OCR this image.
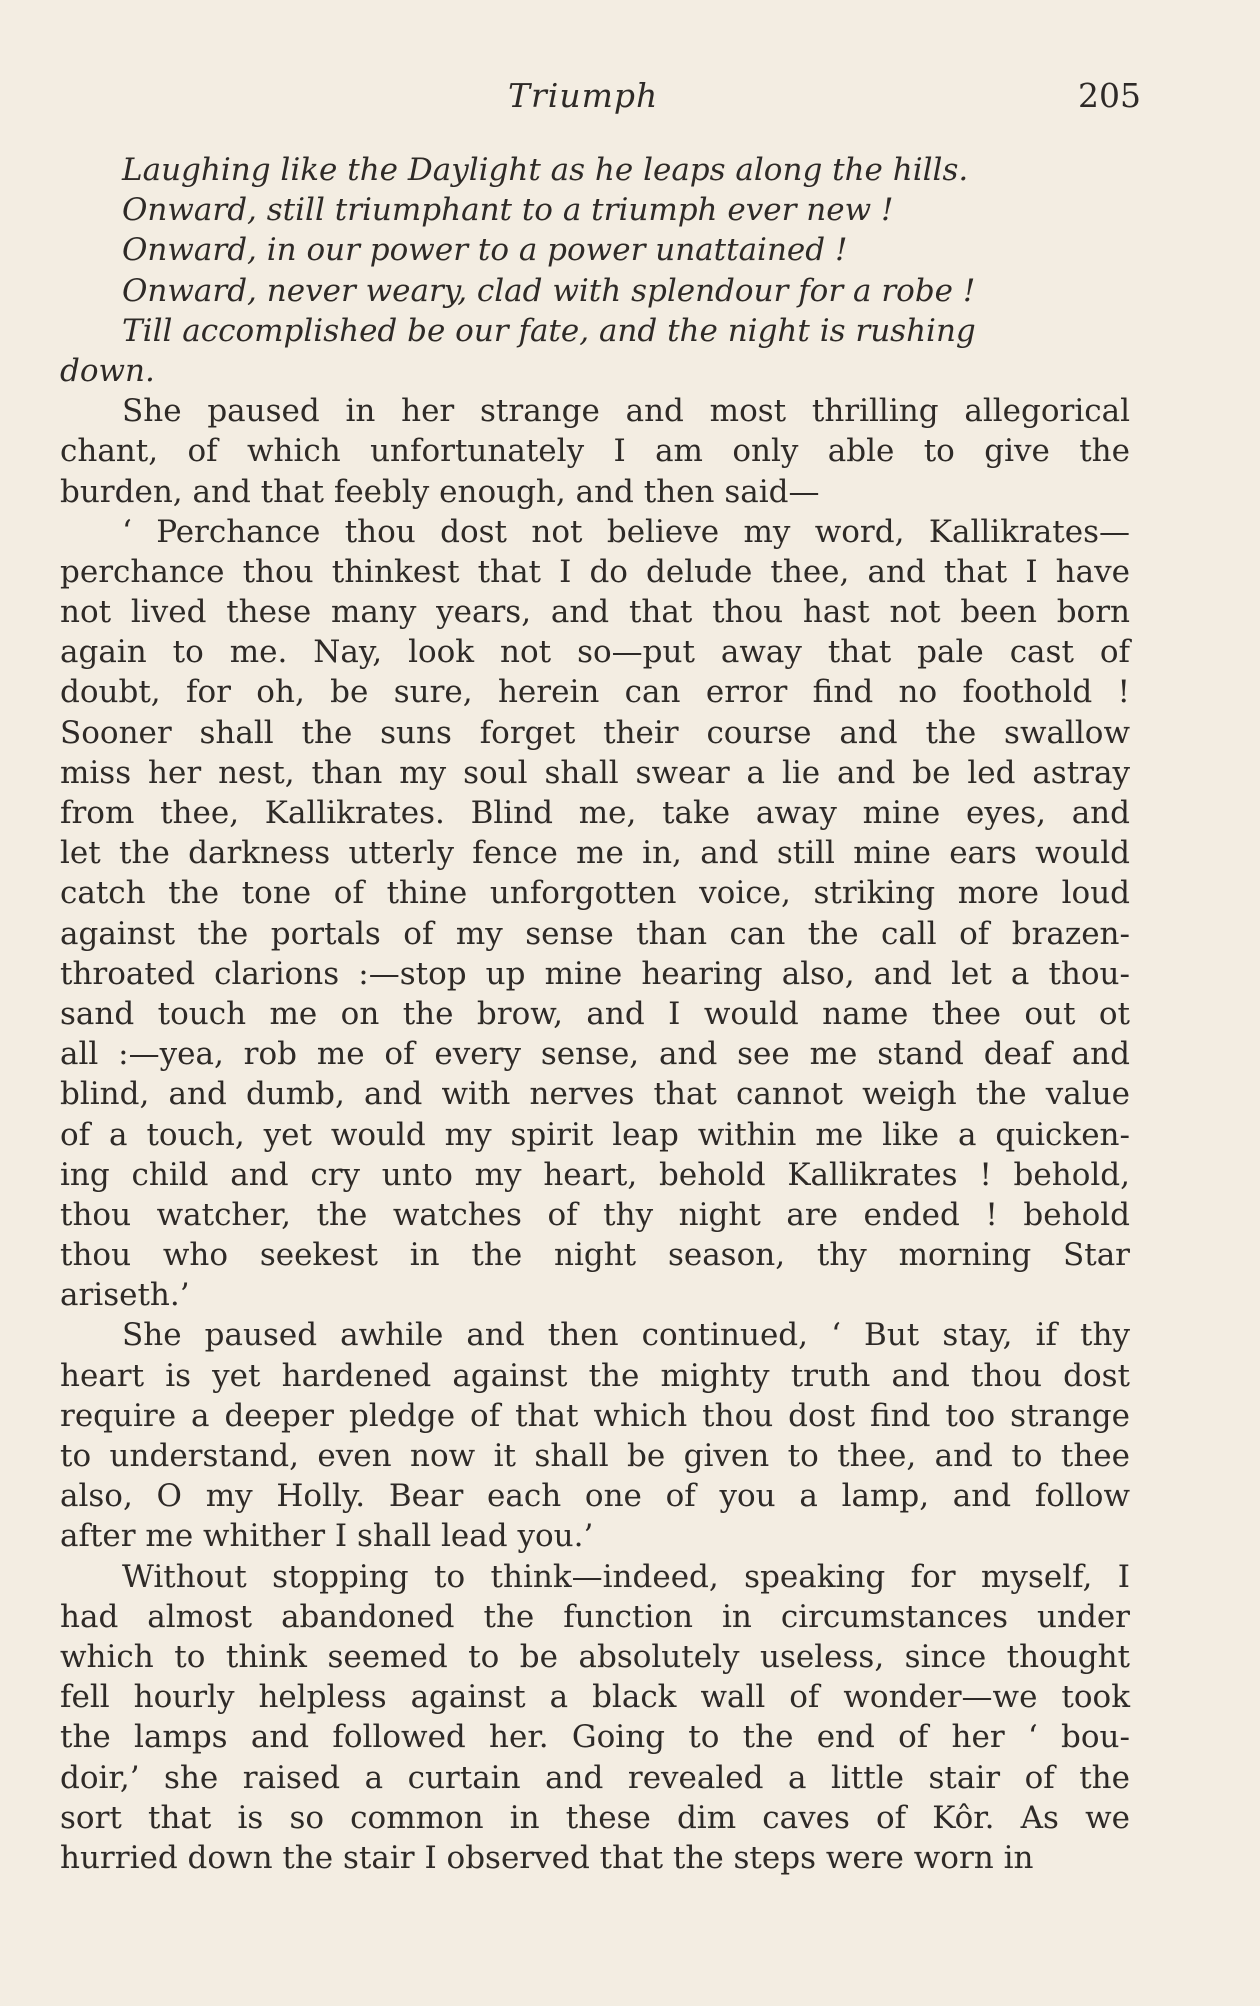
Triumph	205
Laughing like the Daylight as he leaps along the hills.
Onward, still triumphant to a triumph ever new !
Onward, in our power to a power unattained !
Onward, never weary, clad with splendour for a robe !
Till accomplished be our fate, and the night is rushing
down.
She paused in her strange and most thrilling allegorical
chant, of which unfortunately I am only able to give the
burden, and that feebly enough, and then said—
‘ Perchance thou dost not believe my word, Kallikrates—
perchance thou thinkest that I do delude thee, and that I have
not lived these many years, and that thou hast not been born
again to me. Nay, look not so—put away that pale cast of
doubt, for oh, be sure, herein can error find no foothold !
Sooner shall the suns forget their course and the swallow
miss her nest, than my soul shall swear a lie and be led astray
from thee, Kallikrates. Blind me, take away mine eyes, and
let the darkness utterly fence me in, and still mine ears would
catch the tone of thine unforgotten voice, striking more loud
against the portals of my sense than can the call of brazen-
throated clarions :—stop up mine hearing also, and let a thou-
sand touch me on the brow, and I would name thee out ot
all :—yea, rob me of every sense, and see me stand deaf and
blind, and dumb, and with nerves that cannot weigh the value
of a touch, yet would my spirit leap within me like a quicken-
ing child and cry unto my heart, behold Kallikrates ! behold,
thou watcher, the watches of thy night are ended ! behold
thou who seekest in the night season, thy morning Star
ariseth.’
She paused awhile and then continued, ‘ But stay, if thy
heart is yet hardened against the mighty truth and thou dost
require a deeper pledge of that which thou dost find too strange
to understand, even now it shall be given to thee, and to thee
also, O my Holly. Bear each one of you a lamp, and follow
after me whither I shall lead you.’
Without stopping to think—indeed, speaking for myself, I
had almost abandoned the function in circumstances under
which to think seemed to be absolutely useless, since thought
fell hourly helpless against a black wall of wonder—we took
the lamps and followed her. Going to the end of her ‘ bou-
doir,’ she raised a curtain and revealed a little stair of the
sort that is so common in these dim caves of Kôr. As we
hurried down the stair I observed that the steps were worn in
